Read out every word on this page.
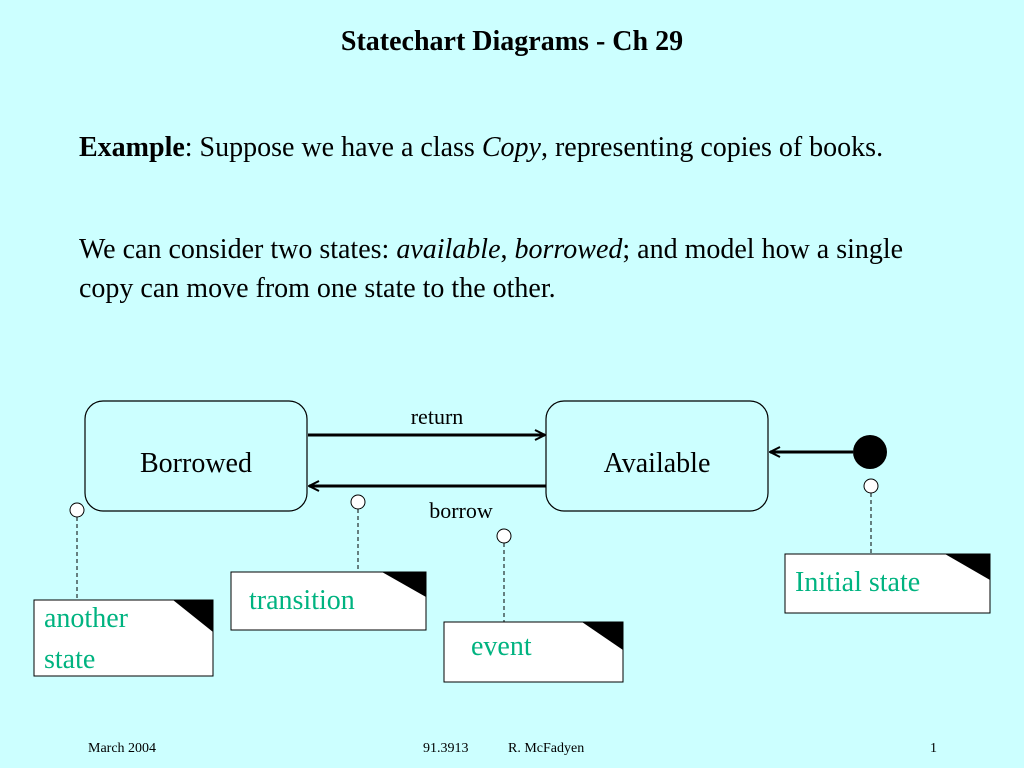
Statechart Diagrams - Ch 29
Example: Suppose we have a class Copy, representing copies of books.
We can consider two states: available, borrowed; and model how a single copy can move from one state to the other.
Borrowed	Available
return
borrow
another state
transition
event
Initial state
March 2004	91.3913	R. McFadyen	1
